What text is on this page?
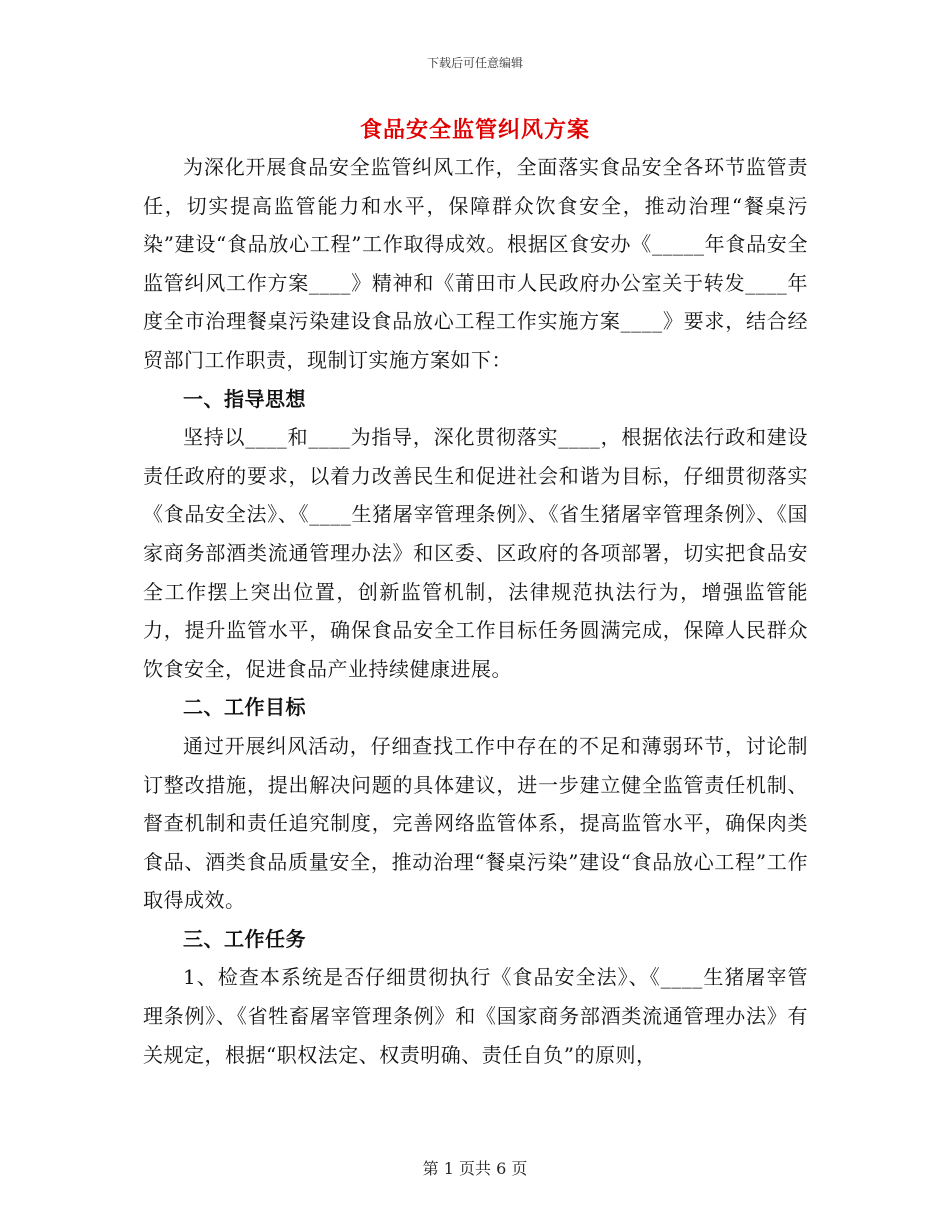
下载后可任意编辑
食品安全监管纠风方案

为深化开展食品安全监管纠风工作，全面落实食品安全各环节监管责任，切实提高监管能力和水平，保障群众饮食安全，推动治理“餐桌污染”建设“食品放心工程”工作取得成效。根据区食安办《_____年食品安全监管纠风工作方案____》精神和《莆田市人民政府办公室关于转发____年度全市治理餐桌污染建设食品放心工程工作实施方案____》要求，结合经贸部门工作职责，现制订实施方案如下：

一、指导思想

坚持以____和____为指导，深化贯彻落实____，根据依法行政和建设责任政府的要求，以着力改善民生和促进社会和谐为目标，仔细贯彻落实《食品安全法》、《____生猪屠宰管理条例》、《省生猪屠宰管理条例》、《国家商务部酒类流通管理办法》和区委、区政府的各项部署，切实把食品安全工作摆上突出位置，创新监管机制，法律规范执法行为，增强监管能力，提升监管水平，确保食品安全工作目标任务圆满完成，保障人民群众饮食安全，促进食品产业持续健康进展。

二、工作目标

通过开展纠风活动，仔细查找工作中存在的不足和薄弱环节，讨论制订整改措施，提出解决问题的具体建议，进一步建立健全监管责任机制、督查机制和责任追究制度，完善网络监管体系，提高监管水平，确保肉类食品、酒类食品质量安全，推动治理“餐桌污染”建设“食品放心工程”工作取得成效。

三、工作任务

1、检查本系统是否仔细贯彻执行《食品安全法》、《____生猪屠宰管理条例》、《省牲畜屠宰管理条例》和《国家商务部酒类流通管理办法》有关规定，根据“职权法定、权责明确、责任自负”的原则，

第 1 页共 6 页
